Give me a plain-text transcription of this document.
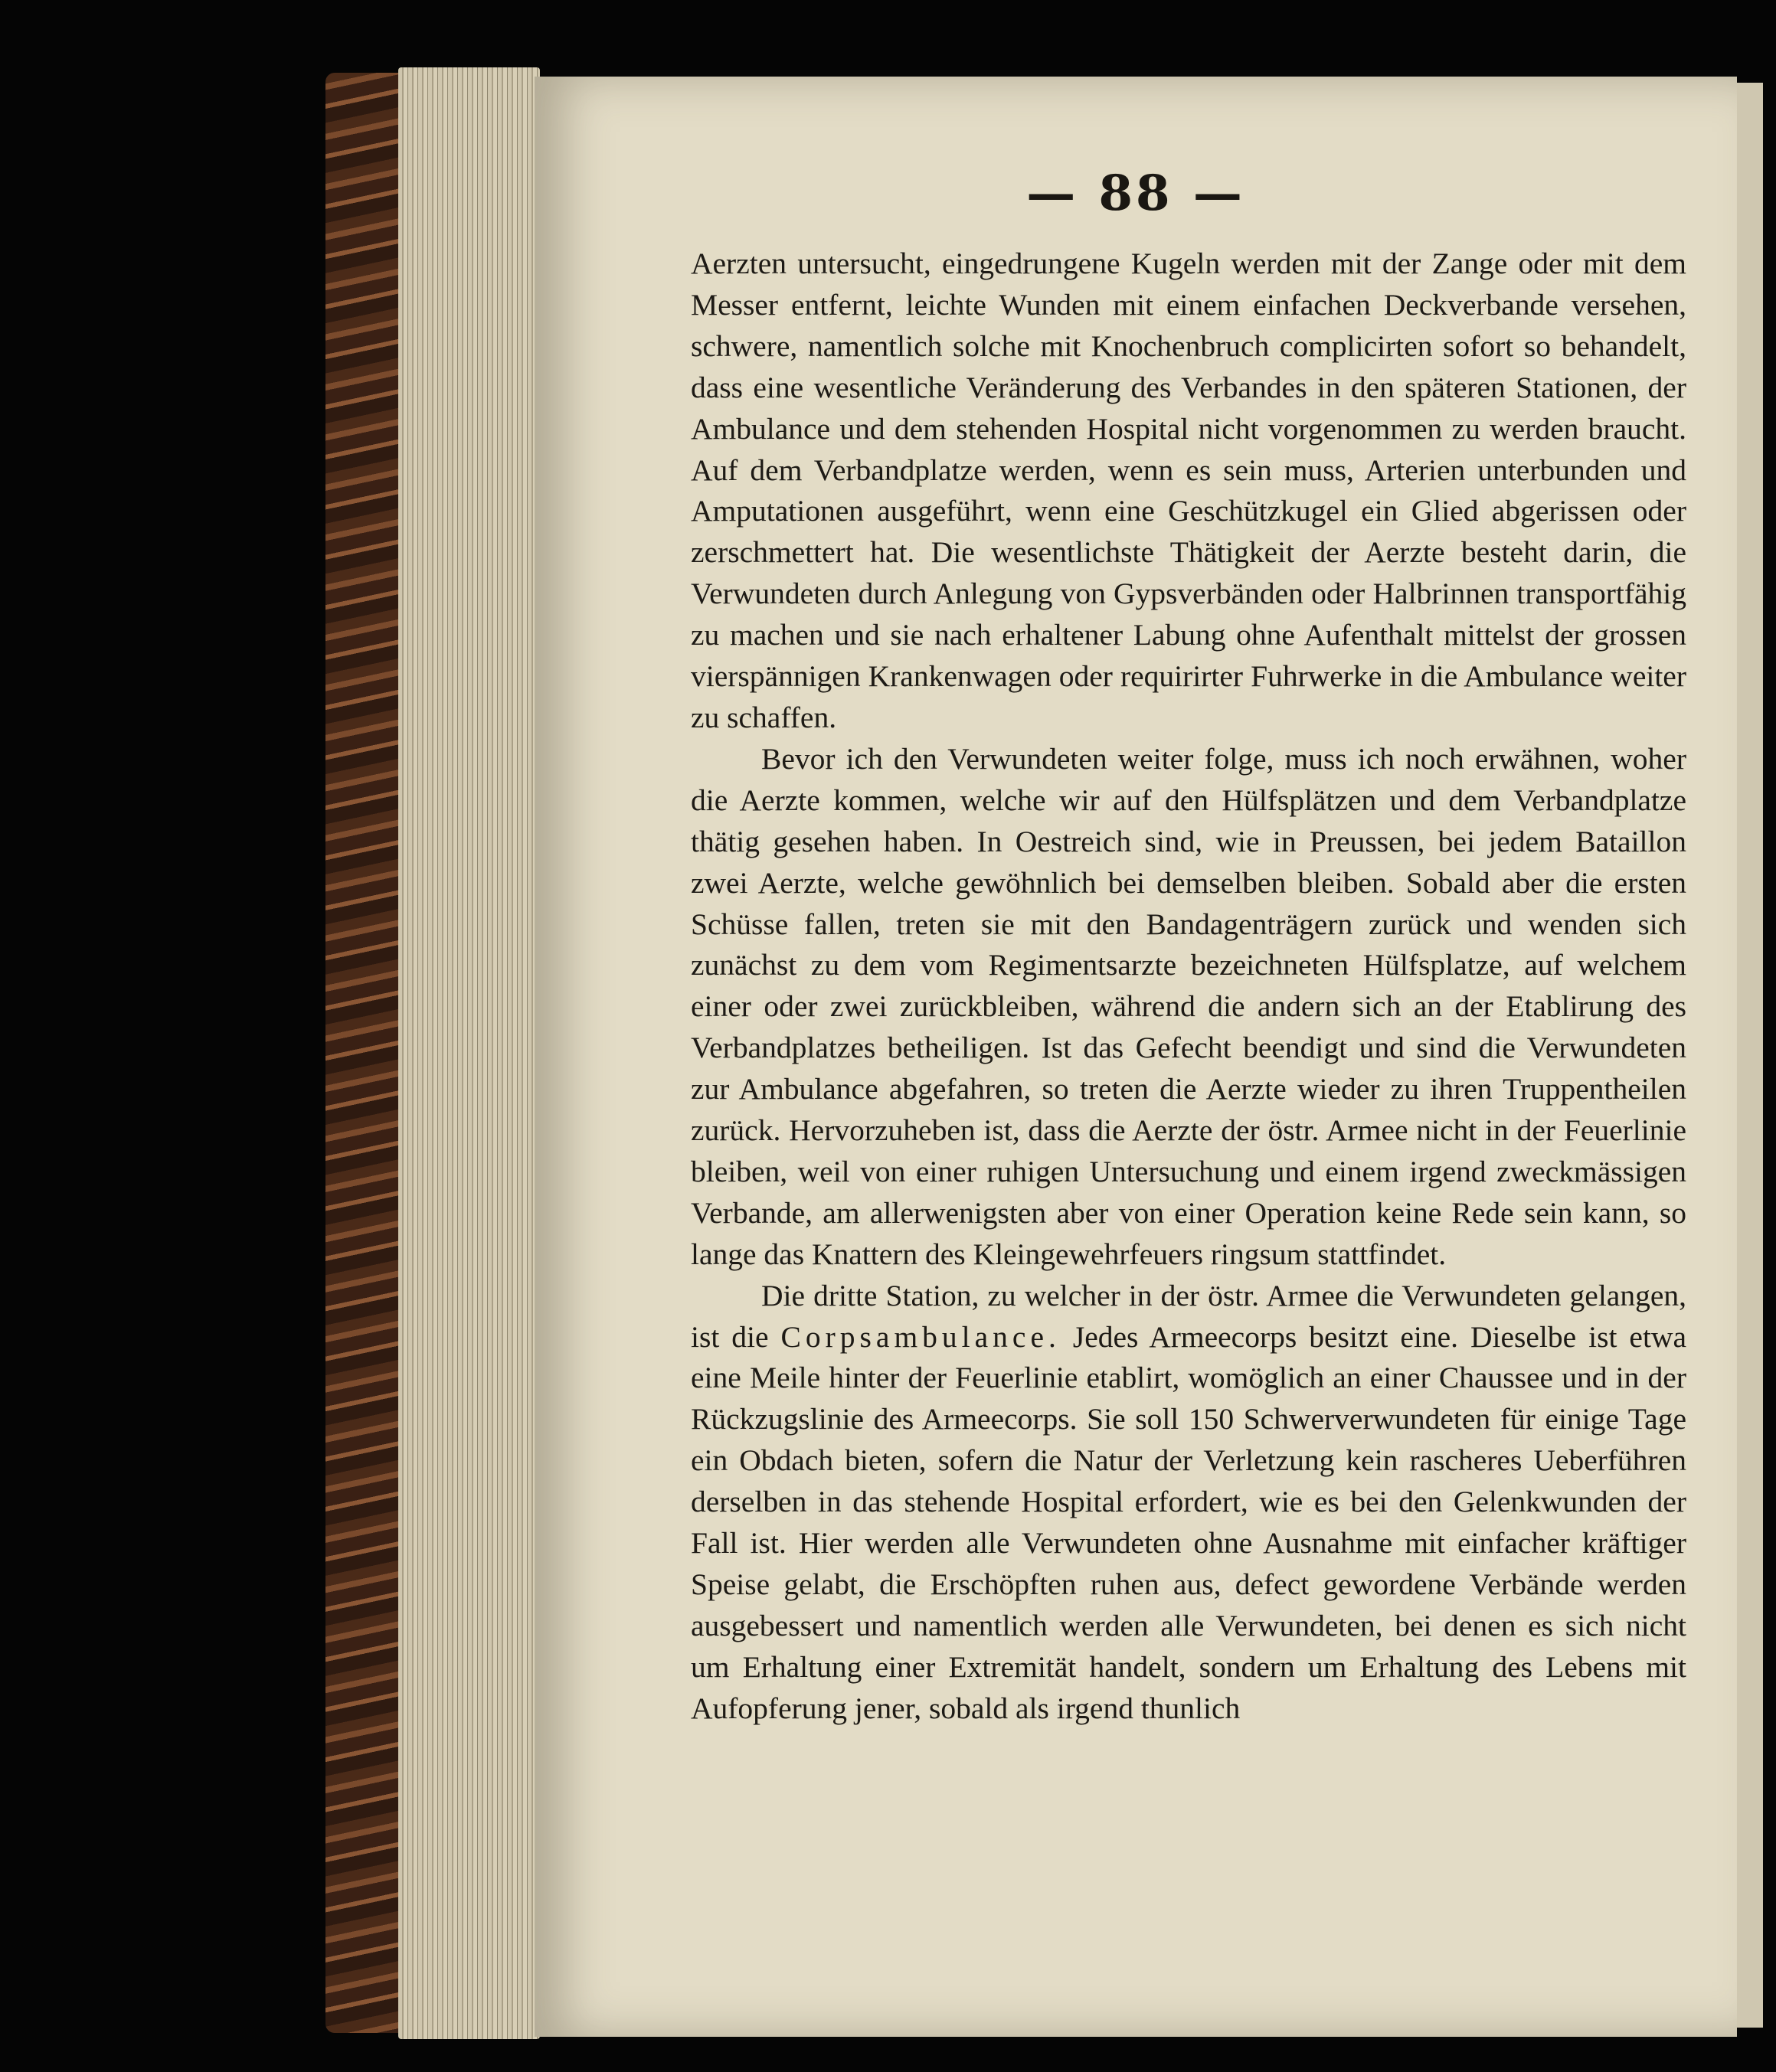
— 88 —

Aerzten untersucht, eingedrungene Kugeln werden mit der Zange oder mit dem Messer entfernt, leichte Wunden mit einem einfachen Deckverbande versehen, schwere, namentlich solche mit Knochenbruch complicirten sofort so behandelt, dass eine wesentliche Veränderung des Verbandes in den späteren Stationen, der Ambulance und dem stehenden Hospital nicht vorgenommen zu werden braucht. Auf dem Verbandplatze werden, wenn es sein muss, Arterien unterbunden und Amputationen ausgeführt, wenn eine Geschützkugel ein Glied abgerissen oder zerschmettert hat. Die wesentlichste Thätigkeit der Aerzte besteht darin, die Verwundeten durch Anlegung von Gypsverbänden oder Halbrinnen transportfähig zu machen und sie nach erhaltener Labung ohne Aufenthalt mittelst der grossen vierspännigen Krankenwagen oder requirirter Fuhrwerke in die Ambulance weiter zu schaffen.

Bevor ich den Verwundeten weiter folge, muss ich noch erwähnen, woher die Aerzte kommen, welche wir auf den Hülfsplätzen und dem Verbandplatze thätig gesehen haben. In Oestreich sind, wie in Preussen, bei jedem Bataillon zwei Aerzte, welche gewöhnlich bei demselben bleiben. Sobald aber die ersten Schüsse fallen, treten sie mit den Bandagenträgern zurück und wenden sich zunächst zu dem vom Regimentsarzte bezeichneten Hülfsplatze, auf welchem einer oder zwei zurückbleiben, während die andern sich an der Etablirung des Verbandplatzes betheiligen. Ist das Gefecht beendigt und sind die Verwundeten zur Ambulance abgefahren, so treten die Aerzte wieder zu ihren Truppentheilen zurück. Hervorzuheben ist, dass die Aerzte der östr. Armee nicht in der Feuerlinie bleiben, weil von einer ruhigen Untersuchung und einem irgend zweckmässigen Verbande, am allerwenigsten aber von einer Operation keine Rede sein kann, so lange das Knattern des Kleingewehrfeuers ringsum stattfindet.

Die dritte Station, zu welcher in der östr. Armee die Verwundeten gelangen, ist die Corpsambulance. Jedes Armeecorps besitzt eine. Dieselbe ist etwa eine Meile hinter der Feuerlinie etablirt, womöglich an einer Chaussee und in der Rückzugslinie des Armeecorps. Sie soll 150 Schwerverwundeten für einige Tage ein Obdach bieten, sofern die Natur der Verletzung kein rascheres Ueberführen derselben in das stehende Hospital erfordert, wie es bei den Gelenkwunden der Fall ist. Hier werden alle Verwundeten ohne Ausnahme mit einfacher kräftiger Speise gelabt, die Erschöpften ruhen aus, defect gewordene Verbände werden ausgebessert und namentlich werden alle Verwundeten, bei denen es sich nicht um Erhaltung einer Extremität handelt, sondern um Erhaltung des Lebens mit Aufopferung jener, sobald als irgend thunlich
